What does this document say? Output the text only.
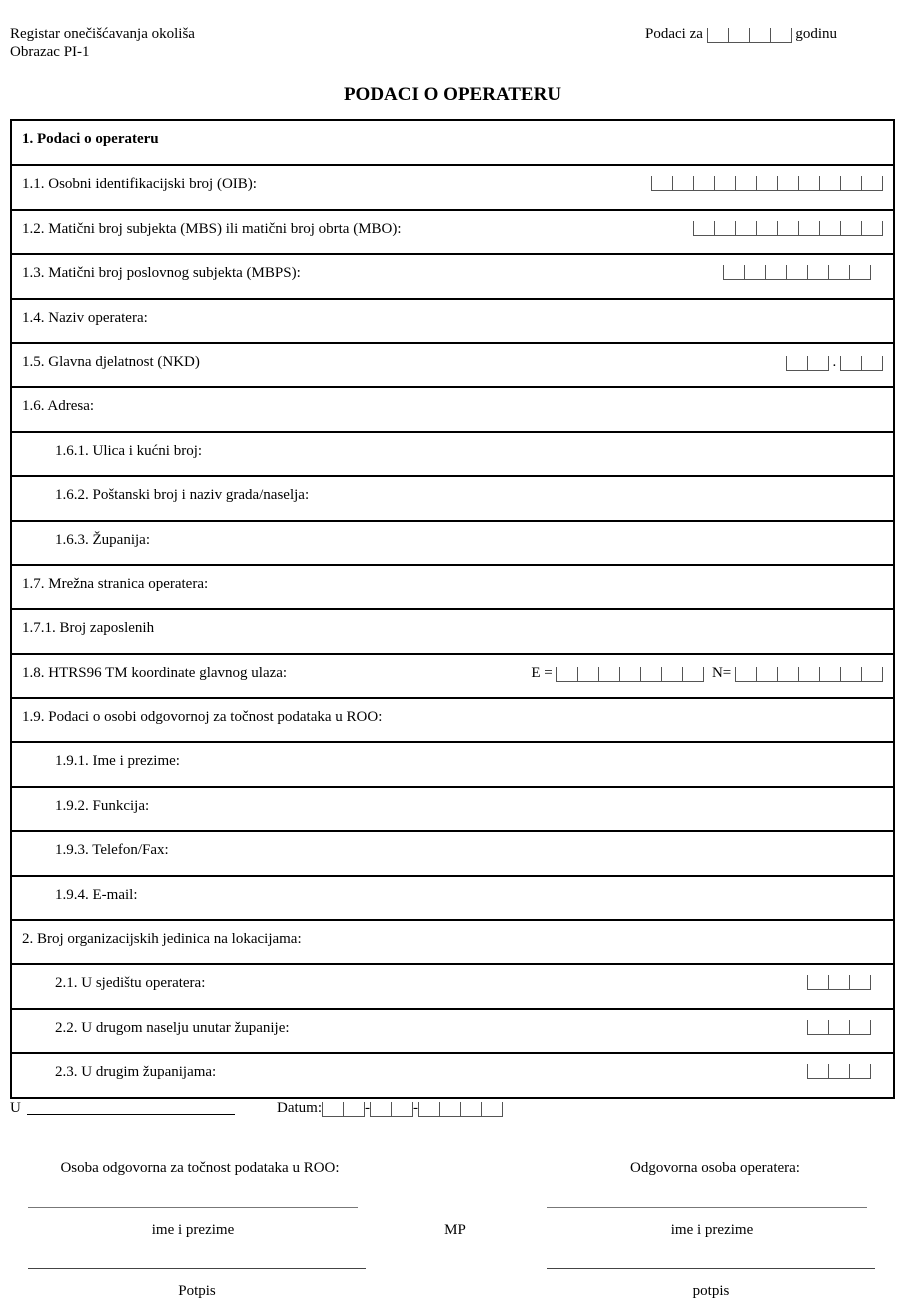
Registar onečišćavanja okoliša
Obrazac PI-1
Podaci za

	godinu
PODACI O OPERATERU
1. Podaci o operateru
1.1. Osobni identifikacijski broj (OIB):
1.2. Matični broj subjekta (MBS) ili matični broj obrta (MBO):
1.3. Matični broj poslovnog subjekta (MBPS):
1.4. Naziv operatera:
1.5. Glavna djelatnost (NKD)	.
1.6. Adresa:
1.6.1. Ulica i kućni broj:
1.6.2. Poštanski broj i naziv grada/naselja:
1.6.3. Županija:
1.7. Mrežna stranica operatera:
1.7.1. Broj zaposlenih
1.8. HTRS96 TM koordinate glavnog ulaza:	E =	N=
1.9. Podaci o osobi odgovornoj za točnost podataka u ROO:
1.9.1. Ime i prezime:
1.9.2. Funkcija:
1.9.3. Telefon/Fax:
1.9.4. E-mail:
2. Broj organizacijskih jedinica na lokacijama:
2.1. U sjedištu operatera:
2.2. U drugom naselju unutar županije:
2.3. U drugim županijama:
U	Datum:	-	-
Osoba odgovorna za točnost podataka u ROO:	Odgovorna osoba operatera:
ime i prezime	MP	ime i prezime
Potpis	potpis
